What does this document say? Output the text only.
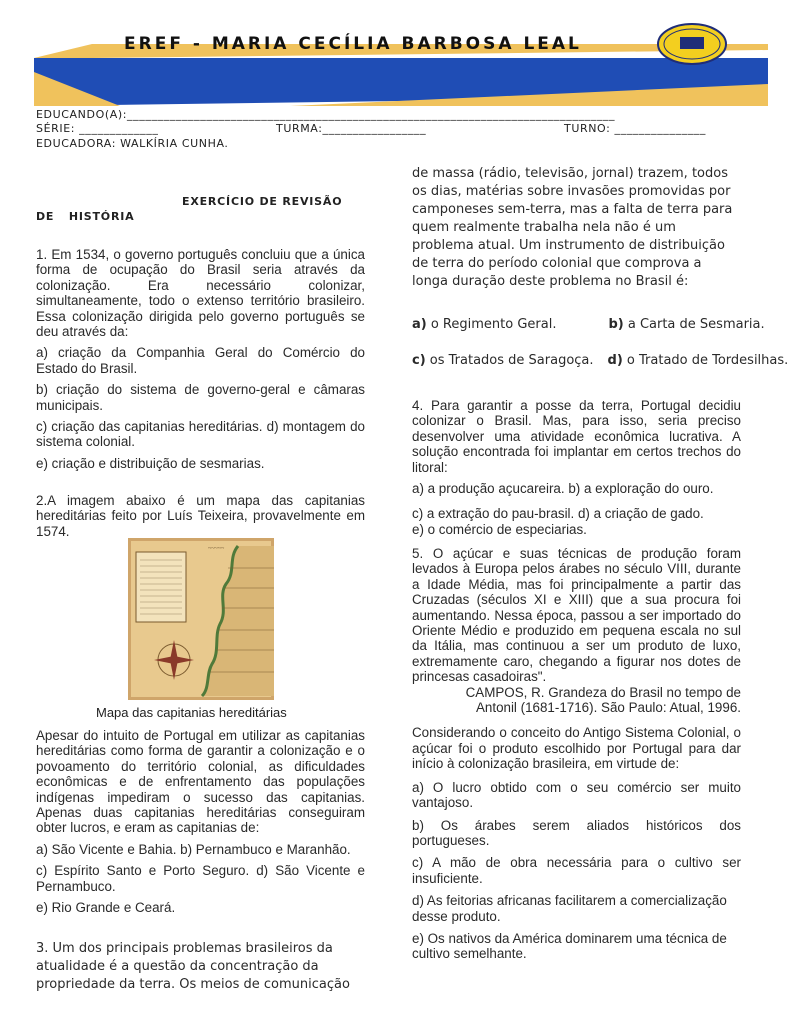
EREF - MARIA CECÍLIA BARBOSA LEAL
EDUCANDO(A):________________________________________________________________________________
SÉRIE: _____________	TURMA:_________________	TURNO: _______________
EDUCADORA: WALKÍRIA CUNHA.
EXERCÍCIO DE REVISÃO
DE HISTÓRIA

1. Em 1534, o governo português concluiu que a única forma de ocupação do Brasil seria através da colonização. Era necessário colonizar, simultaneamente, todo o extenso território brasileiro. Essa colonização dirigida pelo governo português se deu através da:

a) criação da Companhia Geral do Comércio do Estado do Brasil.

b) criação do sistema de governo-geral e câmaras municipais.

c) criação das capitanias hereditárias. d) montagem do sistema colonial.

e) criação e distribuição de sesmarias.

2.A imagem abaixo é um mapa das capitanias hereditárias feito por Luís Teixeira, provavelmente em 1574.
~~~~~
Mapa das capitanias hereditárias

Apesar do intuito de Portugal em utilizar as capitanias hereditárias como forma de garantir a colonização e o povoamento do território colonial, as dificuldades econômicas e de enfrentamento das populações indígenas impediram o sucesso das capitanias. Apenas duas capitanias hereditárias conseguiram obter lucros, e eram as capitanias de:

a) São Vicente e Bahia. b) Pernambuco e Maranhão.

c) Espírito Santo e Porto Seguro. d) São Vicente e Pernambuco.

e) Rio Grande e Ceará.

3. Um dos principais problemas brasileiros da atualidade é a questão da concentração da propriedade da terra. Os meios de comunicação
de massa (rádio, televisão, jornal) trazem, todos os dias, matérias sobre invasões promovidas por camponeses sem-terra, mas a falta de terra para quem realmente trabalha nela não é um problema atual. Um instrumento de distribuição de terra do período colonial que comprova a longa duração deste problema no Brasil é:
a) o Regimento Geral.	b) a Carta de Sesmaria.
c) os Tratados de Saragoça. d) o Tratado de Tordesilhas.

4. Para garantir a posse da terra, Portugal decidiu colonizar o Brasil. Mas, para isso, seria preciso desenvolver uma atividade econômica lucrativa. A solução encontrada foi implantar em certos trechos do litoral:

a) a produção açucareira. b) a exploração do ouro.

c) a extração do pau-brasil. d) a criação de gado.

e) o comércio de especiarias.

5. O açúcar e suas técnicas de produção foram levados à Europa pelos árabes no século VIII, durante a Idade Média, mas foi principalmente a partir das Cruzadas (séculos XI e XIII) que a sua procura foi aumentando. Nessa época, passou a ser importado do Oriente Médio e produzido em pequena escala no sul da Itália, mas continuou a ser um produto de luxo, extremamente caro, chegando a figurar nos dotes de princesas casadoiras".

CAMPOS, R. Grandeza do Brasil no tempo de
Antonil (1681-1716). São Paulo: Atual, 1996.

Considerando o conceito do Antigo Sistema Colonial, o açúcar foi o produto escolhido por Portugal para dar início à colonização brasileira, em virtude de:

a) O lucro obtido com o seu comércio ser muito vantajoso.

b) Os árabes serem aliados históricos dos portugueses.

c) A mão de obra necessária para o cultivo ser insuficiente.

d) As feitorias africanas facilitarem a comercialização desse produto.

e) Os nativos da América dominarem uma técnica de cultivo semelhante.
